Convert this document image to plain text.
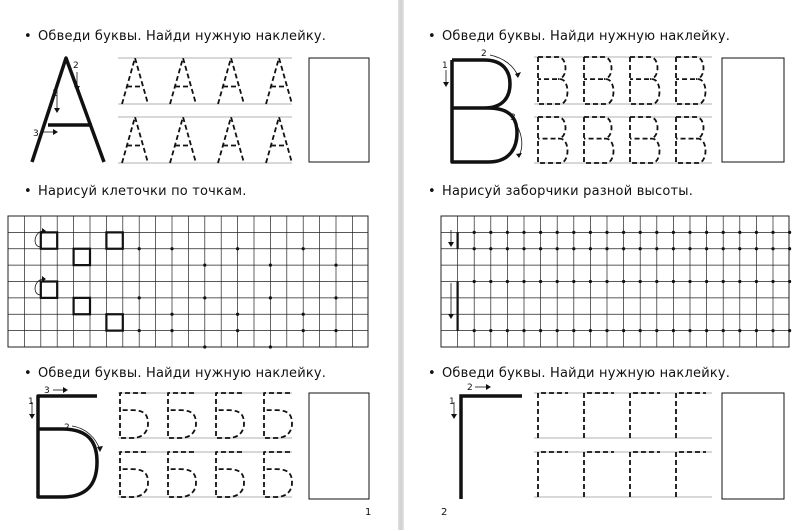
• Обведи буквы. Найди нужную наклейку.

1
2
3

• Нарисуй клеточки по точкам.

• Обведи буквы. Найди нужную наклейку.

3
1
2
1

• Обведи буквы. Найди нужную наклейку.

1
2
3

• Нарисуй заборчики разной высоты.

• Обведи буквы. Найди нужную наклейку.

2
1
2
